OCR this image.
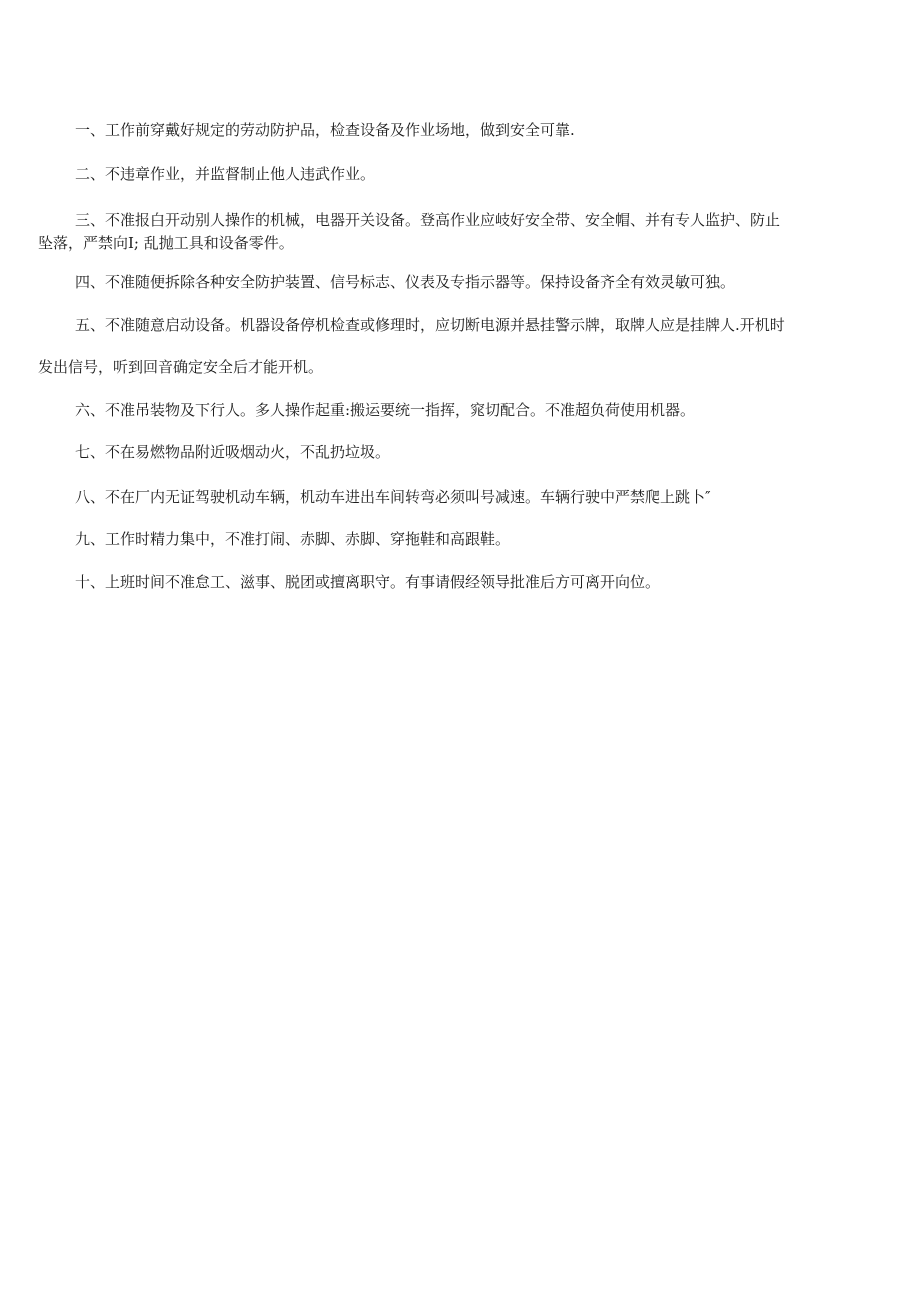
一、工作前穿戴好规定的劳动防护品，检查设备及作业场地，做到安全可靠.
二、不违章作业，并监督制止他人违武作业。
三、不准报白开动别人操作的机械，电器开关设备。登高作业应岐好安全带、安全帽、并有专人监护、防止
坠落，严禁向I; 乱抛工具和设备零件。
四、不准随便拆除各种安全防护装置、信号标志、仪表及专指示器等。保持设备齐全有效灵敏可独。
五、不准随意启动设备。机器设备停机检查或修理时，应切断电源并悬挂警示牌，取牌人应是挂牌人.开机时
发出信号，听到回音确定安全后才能开机。
六、不准吊装物及下行人。多人操作起重:搬运要统一指挥，窕切配合。不准超负荷使用机器。
七、不在易燃物品附近吸烟动火，不乱扔垃圾。
八、不在厂内无证驾驶机动车辆，机动车进出车间转弯必须叫号减速。车辆行驶中严禁爬上跳卜″
九、工作时精力集中，不准打闹、赤脚、赤脚、穿拖鞋和高跟鞋。
十、上班时间不准怠工、滋事、脱团或擅离职守。有事请假经领导批准后方可离开向位。
